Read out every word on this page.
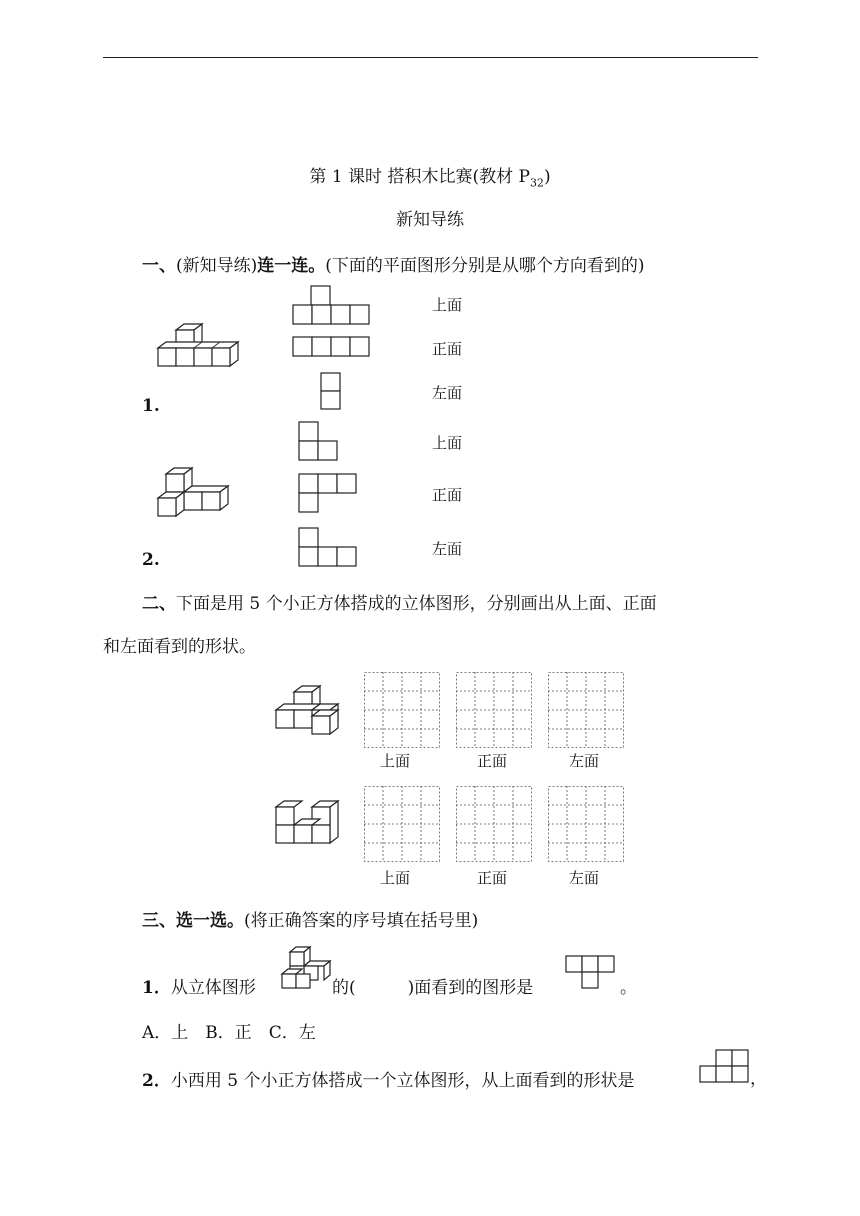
第 1 课时 搭积木比赛(教材 $P_{32}$)
新知导练
一、(新知导练)连一连。(下面的平面图形分别是从哪个方向看到的)
1.
上面
正面
左面
2.
上面
正面
左面
二、下面是用 5 个小正方体搭成的立体图形，分别画出从上面、正面
和左面看到的形状。
上面	正面	左面
上面	正面	左面
三、选一选。(将正确答案的序号填在括号里)
1．从立体图形	的(	)面看到的图形是	。
A．上　B．正　C．左
2．小西用 5 个小正方体搭成一个立体图形，从上面看到的形状是	，
